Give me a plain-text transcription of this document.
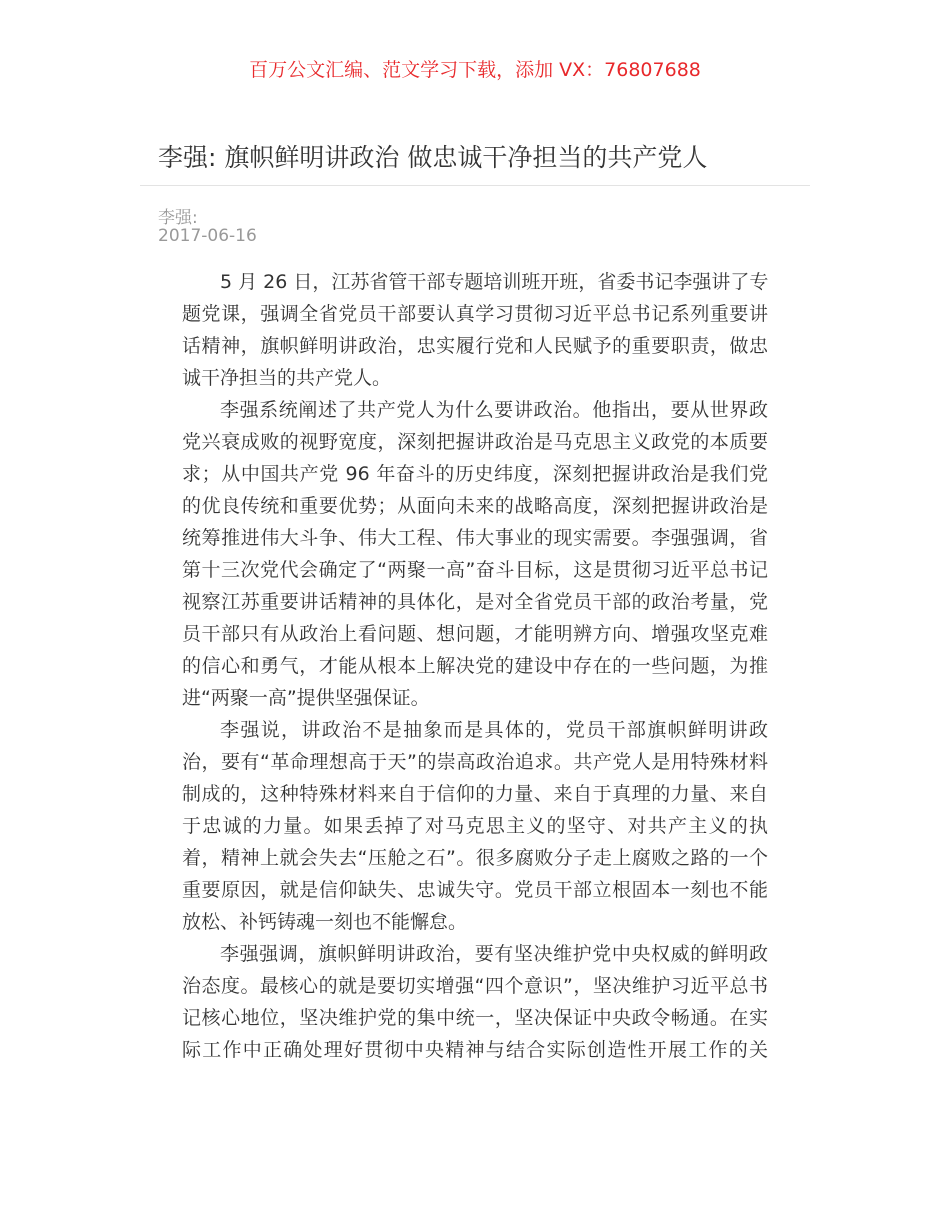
百万公文汇编、范文学习下载，添加 VX：76807688
李强: 旗帜鲜明讲政治 做忠诚干净担当的共产党人
李强:
2017-06-16
5 月 26 日，江苏省管干部专题培训班开班，省委书记李强讲了专
题党课，强调全省党员干部要认真学习贯彻习近平总书记系列重要讲
话精神，旗帜鲜明讲政治，忠实履行党和人民赋予的重要职责，做忠
诚干净担当的共产党人。
李强系统阐述了共产党人为什么要讲政治。他指出，要从世界政
党兴衰成败的视野宽度，深刻把握讲政治是马克思主义政党的本质要
求；从中国共产党 96 年奋斗的历史纬度，深刻把握讲政治是我们党
的优良传统和重要优势；从面向未来的战略高度，深刻把握讲政治是
统筹推进伟大斗争、伟大工程、伟大事业的现实需要。李强强调，省
第十三次党代会确定了“两聚一高”奋斗目标，这是贯彻习近平总书记
视察江苏重要讲话精神的具体化，是对全省党员干部的政治考量，党
员干部只有从政治上看问题、想问题，才能明辨方向、增强攻坚克难
的信心和勇气，才能从根本上解决党的建设中存在的一些问题，为推
进“两聚一高”提供坚强保证。
李强说，讲政治不是抽象而是具体的，党员干部旗帜鲜明讲政
治，要有“革命理想高于天”的崇高政治追求。共产党人是用特殊材料
制成的，这种特殊材料来自于信仰的力量、来自于真理的力量、来自
于忠诚的力量。如果丢掉了对马克思主义的坚守、对共产主义的执
着，精神上就会失去“压舱之石”。很多腐败分子走上腐败之路的一个
重要原因，就是信仰缺失、忠诚失守。党员干部立根固本一刻也不能
放松、补钙铸魂一刻也不能懈怠。
李强强调，旗帜鲜明讲政治，要有坚决维护党中央权威的鲜明政
治态度。最核心的就是要切实增强“四个意识”，坚决维护习近平总书
记核心地位，坚决维护党的集中统一，坚决保证中央政令畅通。在实
际工作中正确处理好贯彻中央精神与结合实际创造性开展工作的关
